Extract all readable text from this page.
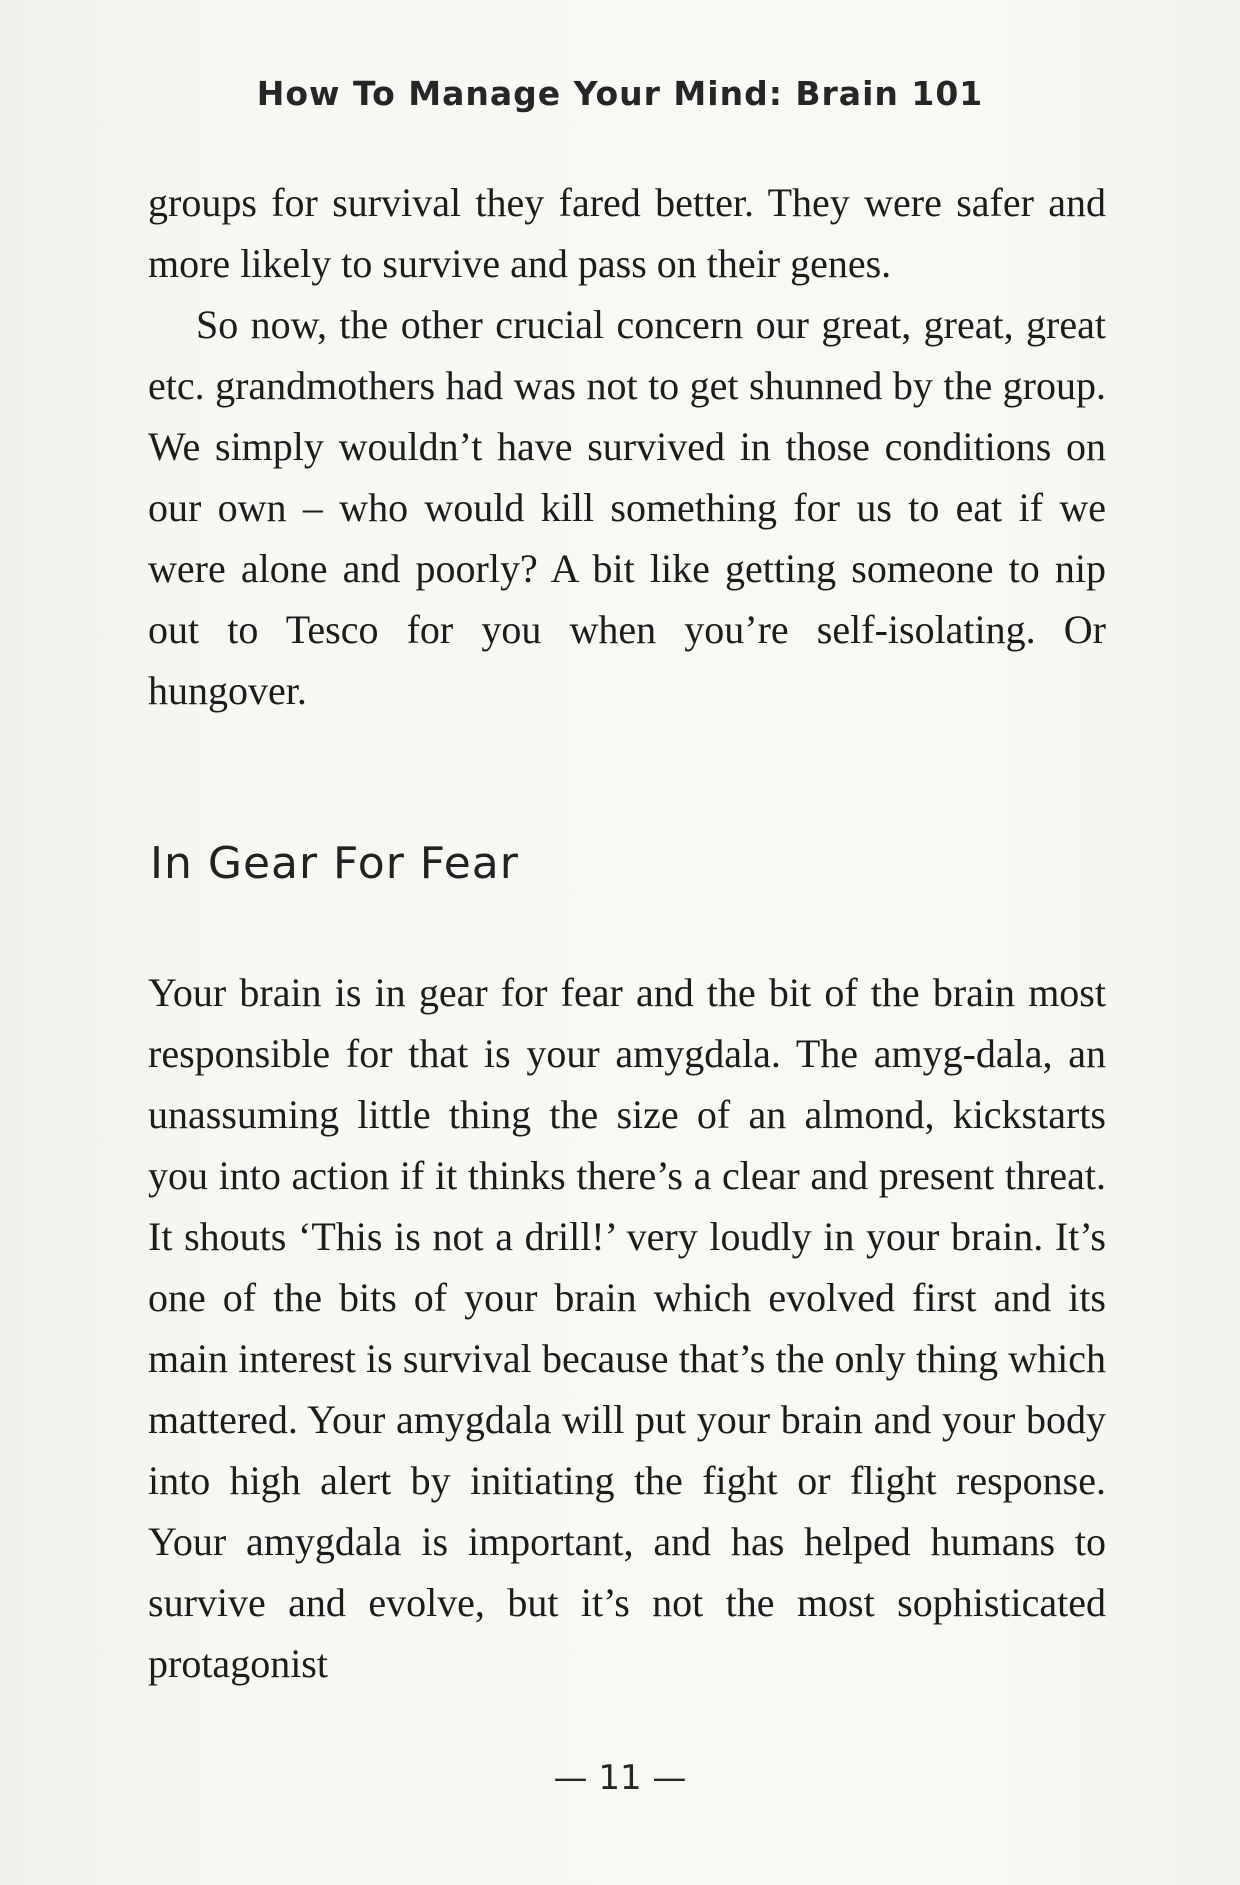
How To Manage Your Mind: Brain 101

groups for survival they fared better. They were safer and more likely to survive and pass on their genes.

So now, the other crucial concern our great, great, great etc. grandmothers had was not to get shunned by the group. We simply wouldn’t have survived in those conditions on our own – who would kill something for us to eat if we were alone and poorly? A bit like getting someone to nip out to Tesco for you when you’re self-isolating. Or hungover.

In Gear For Fear

Your brain is in gear for fear and the bit of the brain most responsible for that is your amygdala. The amyg-dala, an unassuming little thing the size of an almond, kickstarts you into action if it thinks there’s a clear and present threat. It shouts ‘This is not a drill!’ very loudly in your brain. It’s one of the bits of your brain which evolved first and its main interest is survival because that’s the only thing which mattered. Your amygdala will put your brain and your body into high alert by initiating the fight or flight response. Your amygdala is important, and has helped humans to survive and evolve, but it’s not the most sophisticated protagonist

— 11 —
